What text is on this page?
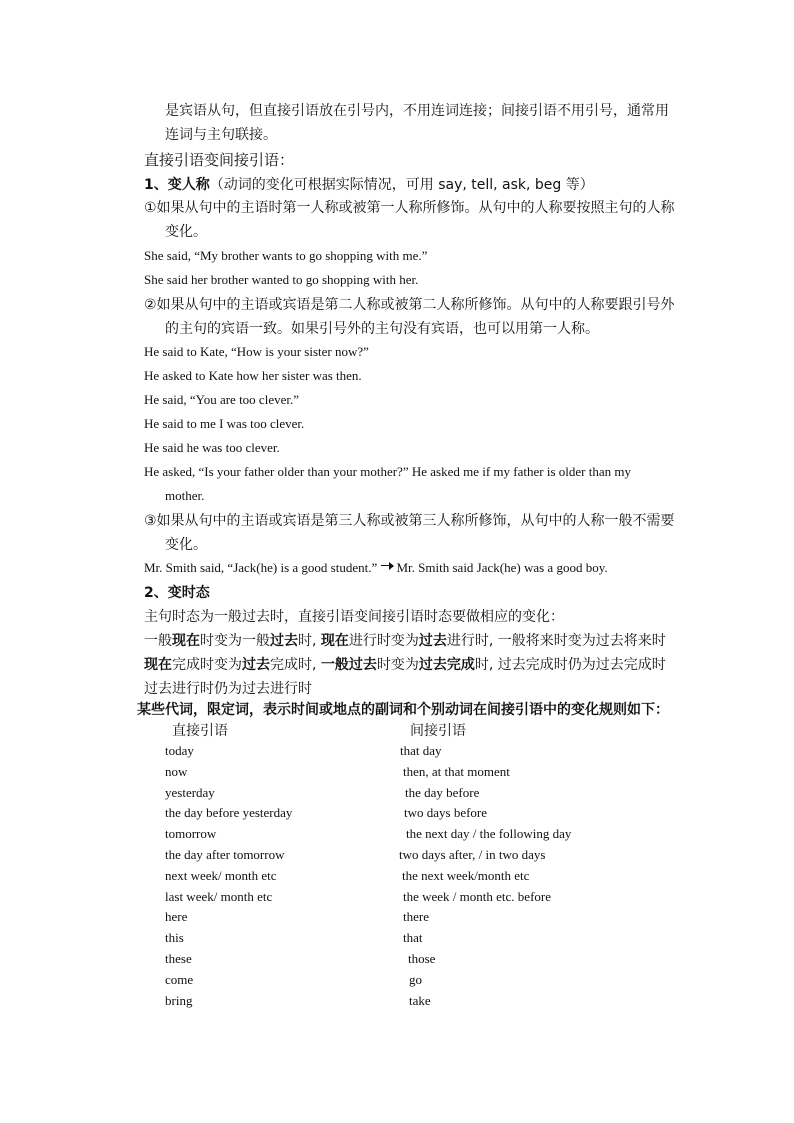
是宾语从句，但直接引语放在引号内，不用连词连接；间接引语不用引号，通常用
连词与主句联接。
直接引语变间接引语：
1、变人称（动词的变化可根据实际情况，可用 say, tell, ask, beg 等）
①如果从句中的主语时第一人称或被第一人称所修饰。从句中的人称要按照主句的人称
变化。
She said, “My brother wants to go shopping with me.”
She said her brother wanted to go shopping with her.
②如果从句中的主语或宾语是第二人称或被第二人称所修饰。从句中的人称要跟引号外
的主句的宾语一致。如果引号外的主句没有宾语，也可以用第一人称。
He said to Kate, “How is your sister now?”
He asked to Kate how her sister was then.
He said, “You are too clever.”
He said to me I was too clever.
He said he was too clever.
He asked, “Is your father older than your mother?” He asked me if my father is older than my
mother.
③如果从句中的主语或宾语是第三人称或被第三人称所修饰，从句中的人称一般不需要
变化。
Mr. Smith said, “Jack(he) is a good student.” Mr. Smith said Jack(he) was a good boy.
2、变时态
主句时态为一般过去时，直接引语变间接引语时态要做相应的变化：
一般现在时变为一般过去时, 现在进行时变为过去进行时, 一般将来时变为过去将来时
现在完成时变为过去完成时, 一般过去时变为过去完成时, 过去完成时仍为过去完成时
过去进行时仍为过去进行时
某些代词，限定词，表示时间或地点的副词和个别动词在间接引语中的变化规则如下：
直接引语	间接引语
today	that day
now	then, at that moment
yesterday	the day before
the day before yesterday	two days before
tomorrow	the next day / the following day
the day after tomorrow	two days after, / in two days
next week/ month etc	the next week/month etc
last week/ month etc	the week / month etc. before
here	there
this	that
these	those
come	go
bring	take
